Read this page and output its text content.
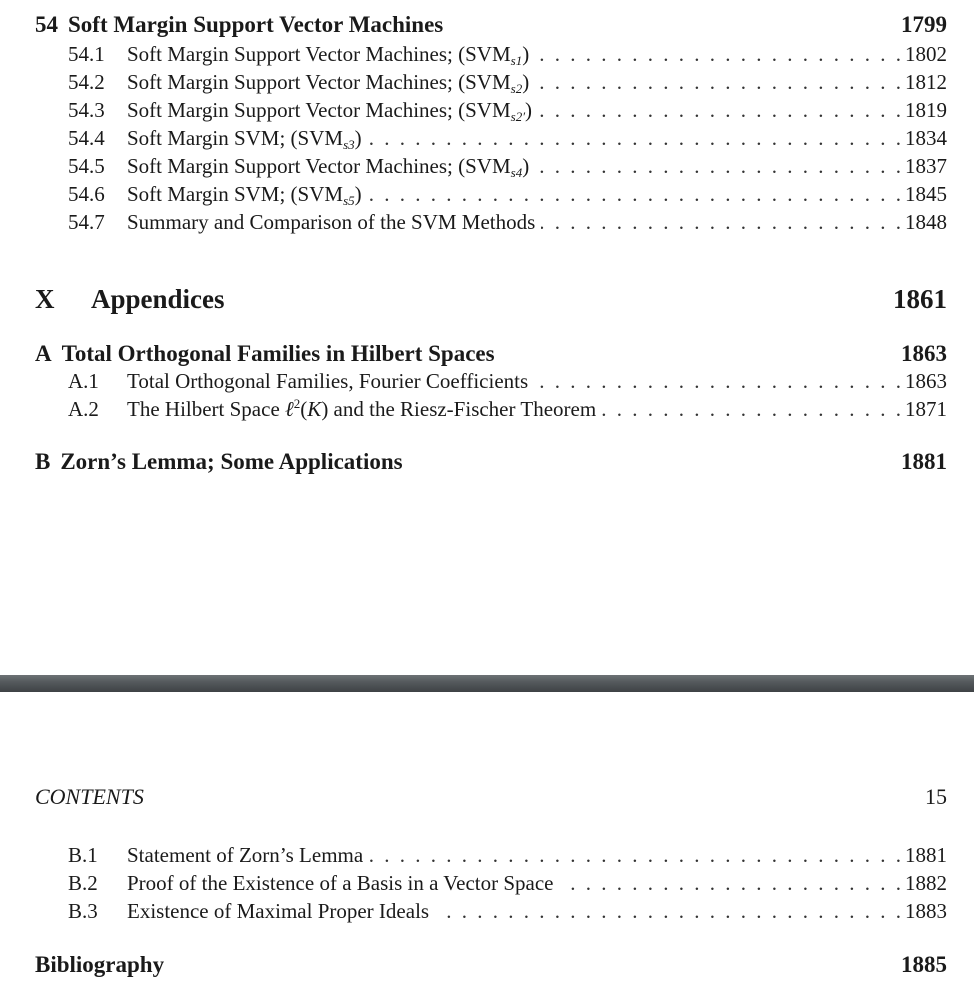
54 Soft Margin Support Vector Machines	1799
54.1	Soft Margin Support Vector Machines; $(SVM_{s1})$ . . .	1802
54.2	Soft Margin Support Vector Machines; $(SVM_{s2})$ . . .	1812
54.3	Soft Margin Support Vector Machines; $(SVM_{s2'})$ . . .	1819
54.4	Soft Margin SVM; $(SVM_{s3})$ . . .	1834
54.5	Soft Margin Support Vector Machines; $(SVM_{s4})$ . . .	1837
54.6	Soft Margin SVM; $(SVM_{s5})$ . . .	1845
54.7	Summary and Comparison of the SVM Methods . . .	1848
X	Appendices	1861
A Total Orthogonal Families in Hilbert Spaces	1863
A.1	Total Orthogonal Families, Fourier Coefficients . . .	1863
A.2	The Hilbert Space ℓ$^2$(K) and the Riesz-Fischer Theorem . . .	1871
B Zorn’s Lemma; Some Applications	1881
CONTENTS	15
B.1	Statement of Zorn’s Lemma . . .	1881
B.2	Proof of the Existence of a Basis in a Vector Space . . .	1882
B.3	Existence of Maximal Proper Ideals . . .	1883
Bibliography	1885
